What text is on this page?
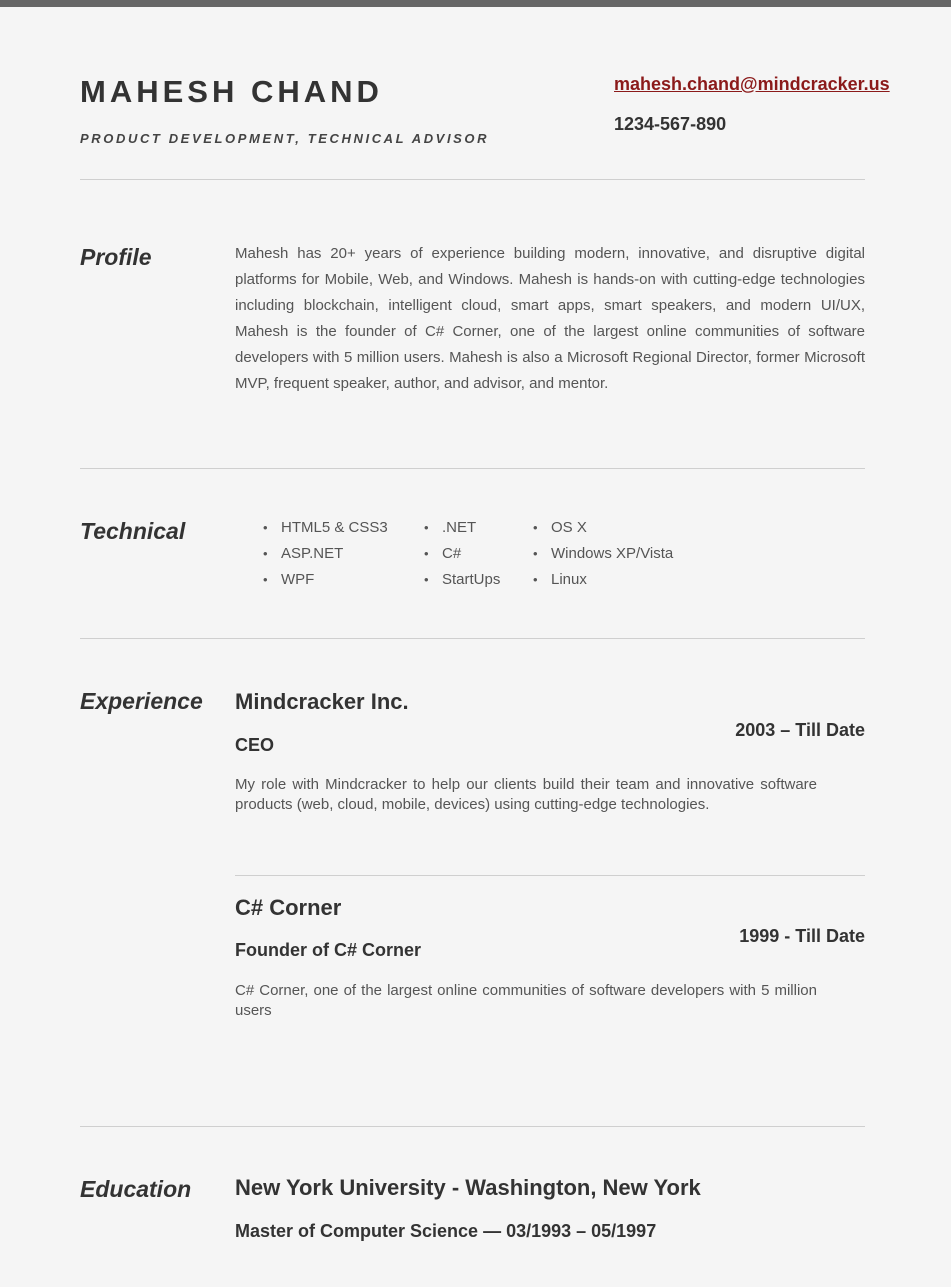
MAHESH CHAND
PRODUCT DEVELOPMENT, TECHNICAL ADVISOR
mahesh.chand@mindcracker.us
1234-567-890
Profile	Mahesh has 20+ years of experience building modern, innovative, and disruptive digital platforms for Mobile, Web, and Windows. Mahesh is hands-on with cutting-edge technologies including blockchain, intelligent cloud, smart apps, smart speakers, and modern UI/UX, Mahesh is the founder of C# Corner, one of the largest online communities of software developers with 5 million users. Mahesh is also a Microsoft Regional Director, former Microsoft MVP, frequent speaker, author, and advisor, and mentor.

Technical
•	HTML5 & CSS3
• ASP.NET
• WPF
• .NET
• C#
• StartUps
• OS X
• Windows XP/Vista
• Linux
Experience Mindcracker Inc.
2003 – Till Date
CEO

My role with Mindcracker to help our clients build their team and innovative software products (web, cloud, mobile, devices) using cutting-edge technologies.

C# Corner
1999 - Till Date
Founder of C# Corner

C# Corner, one of the largest online communities of software developers with 5 million users

Education New York University - Washington, New York
Master of Computer Science — 03/1993 – 05/1997
